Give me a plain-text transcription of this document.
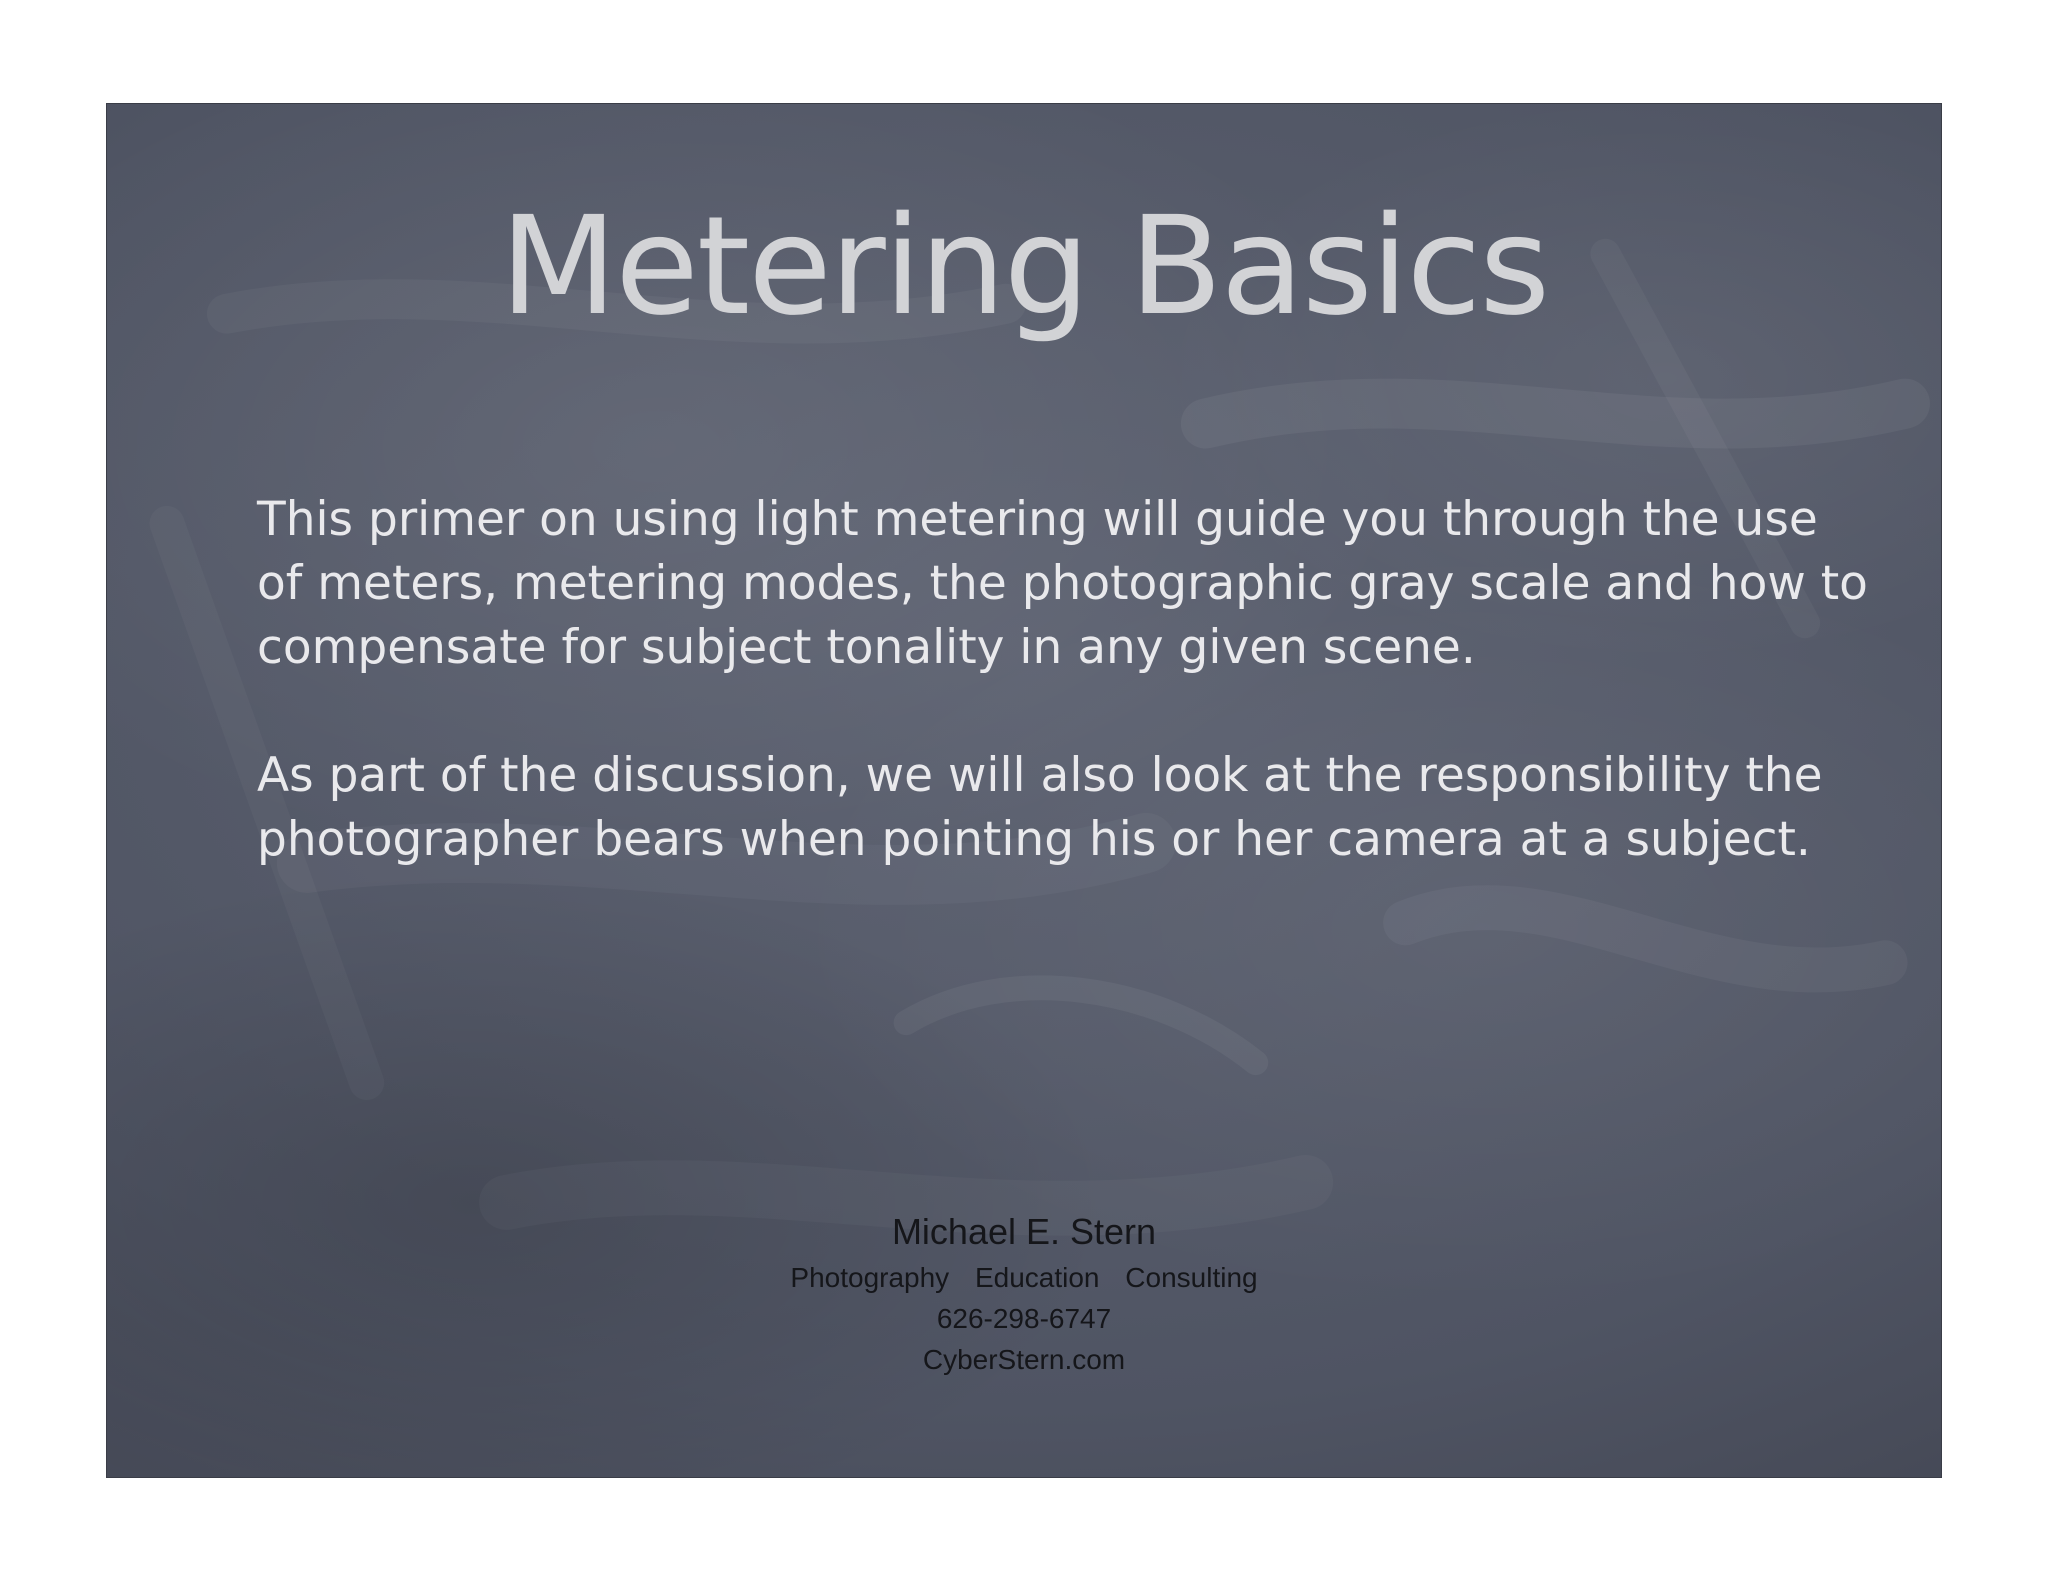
Metering Basics

This primer on using light metering will guide you through the use of meters, metering modes, the photographic gray scale and how to compensate for subject tonality in any given scene.

As part of the discussion, we will also look at the responsibility the photographer bears when pointing his or her camera at a subject.

Michael E. Stern
Photography Education Consulting
626-298-6747
CyberStern.com
